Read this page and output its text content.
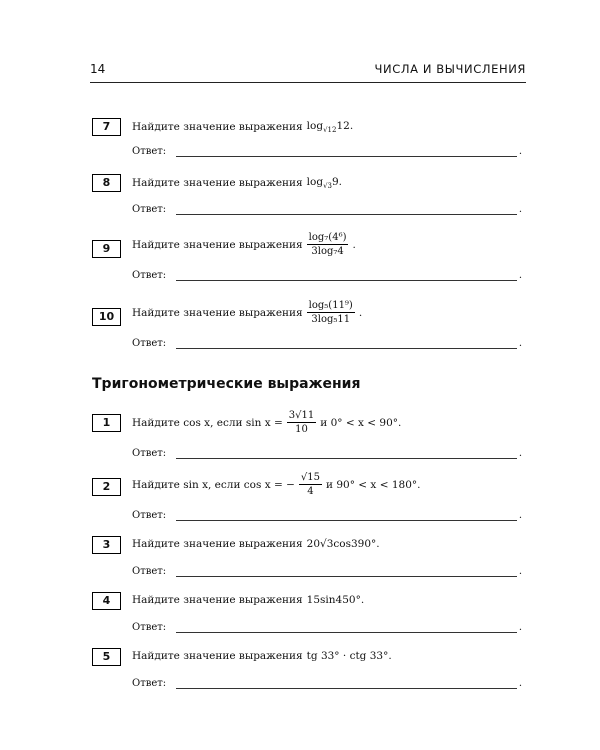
14	ЧИСЛА И ВЫЧИСЛЕНИЯ
7	Найдите значение выражения $\log_{√12}12$.
Ответ:	.
8	Найдите значение выражения $\log_{√3}9$.
Ответ:	.
9	Найдите значение выражения $\frac{\text{log₇(4⁶)}}{\text{3log₇4}}$ .
Ответ:	.
10	Найдите значение выражения $\frac{\text{log₅(11⁹)}}{\text{3log₅11}}$ .
Ответ:	.
Тригонометрические выражения
1	Найдите cos x, если $\sin x = \frac{3√11}{10}$ и 0° < x < 90°.
Ответ:	.
2	Найдите sin x, если cos x = − $\frac{√15}{4}$ и 90° < x < 180°.
Ответ:	.
3	Найдите значение выражения 20√3cos390°.
Ответ:	.
4	Найдите значение выражения 15sin450°.
Ответ:	.
5	Найдите значение выражения tg 33° · ctg 33°.
Ответ:	.
